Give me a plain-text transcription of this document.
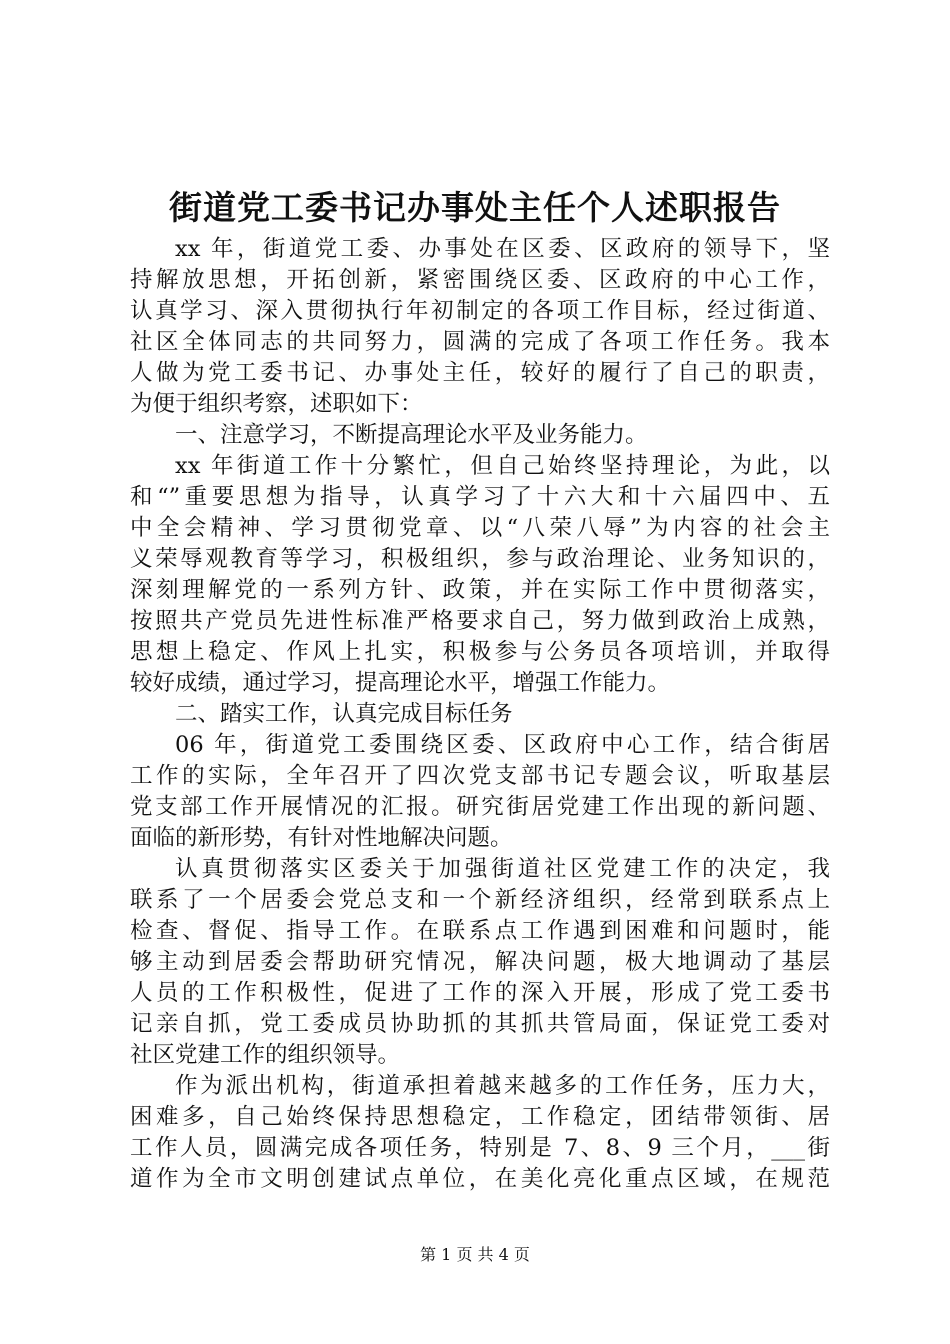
街道党工委书记办事处主任个人述职报告
xx 年，街道党工委、办事处在区委、区政府的领导下，坚
持解放思想，开拓创新，紧密围绕区委、区政府的中心工作，
认真学习、深入贯彻执行年初制定的各项工作目标，经过街道、
社区全体同志的共同努力，圆满的完成了各项工作任务。我本
人做为党工委书记、办事处主任，较好的履行了自己的职责，
为便于组织考察，述职如下：
一、注意学习，不断提高理论水平及业务能力。
xx 年街道工作十分繁忙，但自己始终坚持理论，为此，以
和“”重要思想为指导，认真学习了十六大和十六届四中、五
中全会精神、学习贯彻党章、以“八荣八辱”为内容的社会主
义荣辱观教育等学习，积极组织，参与政治理论、业务知识的，
深刻理解党的一系列方针、政策，并在实际工作中贯彻落实，
按照共产党员先进性标准严格要求自己，努力做到政治上成熟，
思想上稳定、作风上扎实，积极参与公务员各项培训，并取得
较好成绩，通过学习，提高理论水平，增强工作能力。
二、踏实工作，认真完成目标任务
06 年，街道党工委围绕区委、区政府中心工作，结合街居
工作的实际，全年召开了四次党支部书记专题会议，听取基层
党支部工作开展情况的汇报。研究街居党建工作出现的新问题、
面临的新形势，有针对性地解决问题。
认真贯彻落实区委关于加强街道社区党建工作的决定，我
联系了一个居委会党总支和一个新经济组织，经常到联系点上
检查、督促、指导工作。在联系点工作遇到困难和问题时，能
够主动到居委会帮助研究情况，解决问题，极大地调动了基层
人员的工作积极性，促进了工作的深入开展，形成了党工委书
记亲自抓，党工委成员协助抓的其抓共管局面，保证党工委对
社区党建工作的组织领导。
作为派出机构，街道承担着越来越多的工作任务，压力大，
困难多，自己始终保持思想稳定，工作稳定，团结带领街、居
工作人员，圆满完成各项任务，特别是 7、8、9 三个月，___街
道作为全市文明创建试点单位，在美化亮化重点区域，在规范
第 1 页 共 4 页
